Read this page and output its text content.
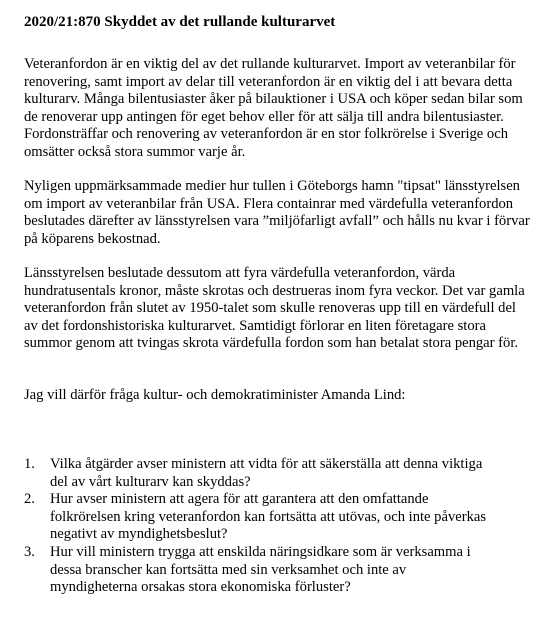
2020/21:870 Skyddet av det rullande kulturarvet

Veteranfordon är en viktig del av det rullande kulturarvet. Import av veteranbilar för renovering, samt import av delar till veteranfordon är en viktig del i att bevara detta kulturarv. Många bilentusiaster åker på bilauktioner i USA och köper sedan bilar som de renoverar upp antingen för eget behov eller för att sälja till andra bilentusiaster. Fordonsträffar och renovering av veteranfordon är en stor folkrörelse i Sverige och omsätter också stora summor varje år.

Nyligen uppmärksammade medier hur tullen i Göteborgs hamn "tipsat" länsstyrelsen om import av veteranbilar från USA. Flera containrar med värdefulla veteranfordon beslutades därefter av länsstyrelsen vara ”miljöfarligt avfall” och hålls nu kvar i förvar på köparens bekostnad.

Länsstyrelsen beslutade dessutom att fyra värdefulla veteranfordon, värda hundratusentals kronor, måste skrotas och destrueras inom fyra veckor. Det var gamla veteranfordon från slutet av 1950-talet som skulle renoveras upp till en värdefull del av det fordonshistoriska kulturarvet. Samtidigt förlorar en liten företagare stora summor genom att tvingas skrota värdefulla fordon som han betalat stora pengar för.

Jag vill därför fråga kultur- och demokratiminister Amanda Lind:

1. Vilka åtgärder avser ministern att vidta för att säkerställa att denna viktiga del av vårt kulturarv kan skyddas?
2. Hur avser ministern att agera för att garantera att den omfattande folkrörelsen kring veteranfordon kan fortsätta att utövas, och inte påverkas negativt av myndighetsbeslut?
3. Hur vill ministern trygga att enskilda näringsidkare som är verksamma i dessa branscher kan fortsätta med sin verksamhet och inte av myndigheterna orsakas stora ekonomiska förluster?
